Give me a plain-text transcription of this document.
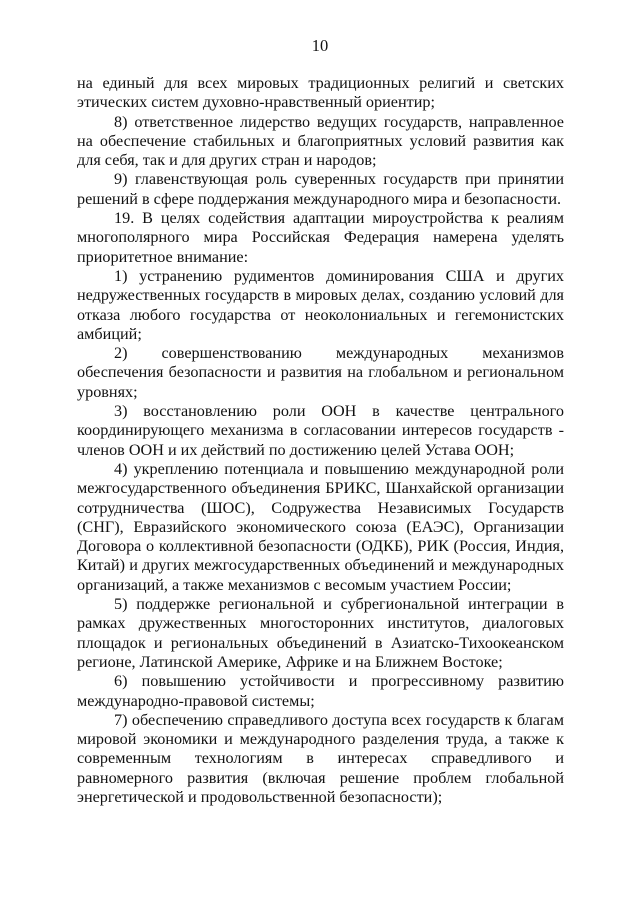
10

на единый для всех мировых традиционных религий и светских этических систем духовно-нравственный ориентир;

8) ответственное лидерство ведущих государств, направленное на обеспечение стабильных и благоприятных условий развития как для себя, так и для других стран и народов;

9) главенствующая роль суверенных государств при принятии решений в сфере поддержания международного мира и безопасности.

19. В целях содействия адаптации мироустройства к реалиям многополярного мира Российская Федерация намерена уделять приоритетное внимание:

1) устранению рудиментов доминирования США и других недружественных государств в мировых делах, созданию условий для отказа любого государства от неоколониальных и гегемонистских амбиций;

2) совершенствованию международных механизмов обеспечения безопасности и развития на глобальном и региональном уровнях;

3) восстановлению роли ООН в качестве центрального координирующего механизма в согласовании интересов государств - членов ООН и их действий по достижению целей Устава ООН;

4) укреплению потенциала и повышению международной роли межгосударственного объединения БРИКС, Шанхайской организации сотрудничества (ШОС), Содружества Независимых Государств (СНГ), Евразийского экономического союза (ЕАЭС), Организации Договора о коллективной безопасности (ОДКБ), РИК (Россия, Индия, Китай) и других межгосударственных объединений и международных организаций, а также механизмов с весомым участием России;

5) поддержке региональной и субрегиональной интеграции в рамках дружественных многосторонних институтов, диалоговых площадок и региональных объединений в Азиатско-Тихоокеанском регионе, Латинской Америке, Африке и на Ближнем Востоке;

6) повышению устойчивости и прогрессивному развитию международно-правовой системы;

7) обеспечению справедливого доступа всех государств к благам мировой экономики и международного разделения труда, а также к современным технологиям в интересах справедливого и равномерного развития (включая решение проблем глобальной энергетической и продовольственной безопасности);
